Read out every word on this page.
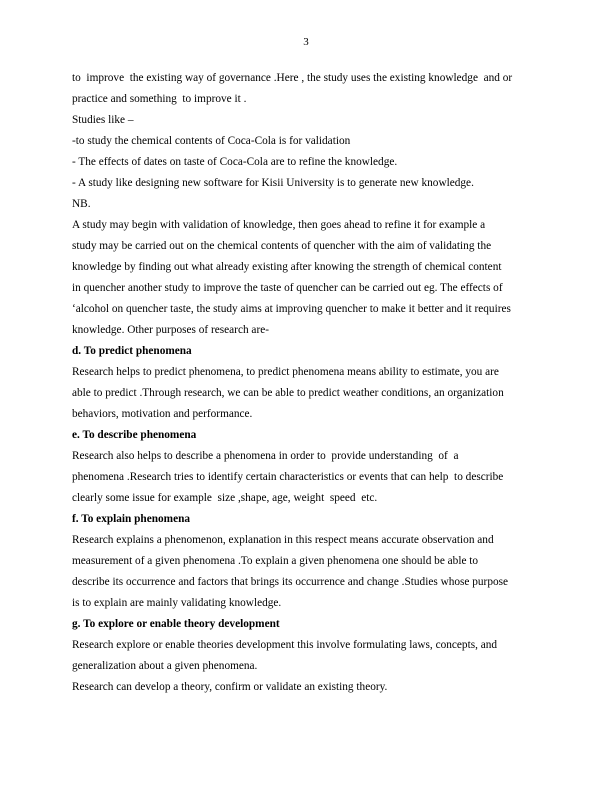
3
to  improve  the existing way of governance .Here , the study uses the existing knowledge  and or
practice and something  to improve it .
Studies like –
-to study the chemical contents of Coca-Cola is for validation
- The effects of dates on taste of Coca-Cola are to refine the knowledge.
- A study like designing new software for Kisii University is to generate new knowledge.
NB.
A study may begin with validation of knowledge, then goes ahead to refine it for example a
study may be carried out on the chemical contents of quencher with the aim of validating the
knowledge by finding out what already existing after knowing the strength of chemical content
in quencher another study to improve the taste of quencher can be carried out eg. The effects of
‘alcohol on quencher taste, the study aims at improving quencher to make it better and it requires
knowledge. Other purposes of research are-
d. To predict phenomena
Research helps to predict phenomena, to predict phenomena means ability to estimate, you are
able to predict .Through research, we can be able to predict weather conditions, an organization
behaviors, motivation and performance.
e. To describe phenomena
Research also helps to describe a phenomena in order to  provide understanding  of  a
phenomena .Research tries to identify certain characteristics or events that can help  to describe
clearly some issue for example  size ,shape, age, weight  speed  etc.
f. To explain phenomena
Research explains a phenomenon, explanation in this respect means accurate observation and
measurement of a given phenomena .To explain a given phenomena one should be able to
describe its occurrence and factors that brings its occurrence and change .Studies whose purpose
is to explain are mainly validating knowledge.
g. To explore or enable theory development
Research explore or enable theories development this involve formulating laws, concepts, and
generalization about a given phenomena.
Research can develop a theory, confirm or validate an existing theory.
